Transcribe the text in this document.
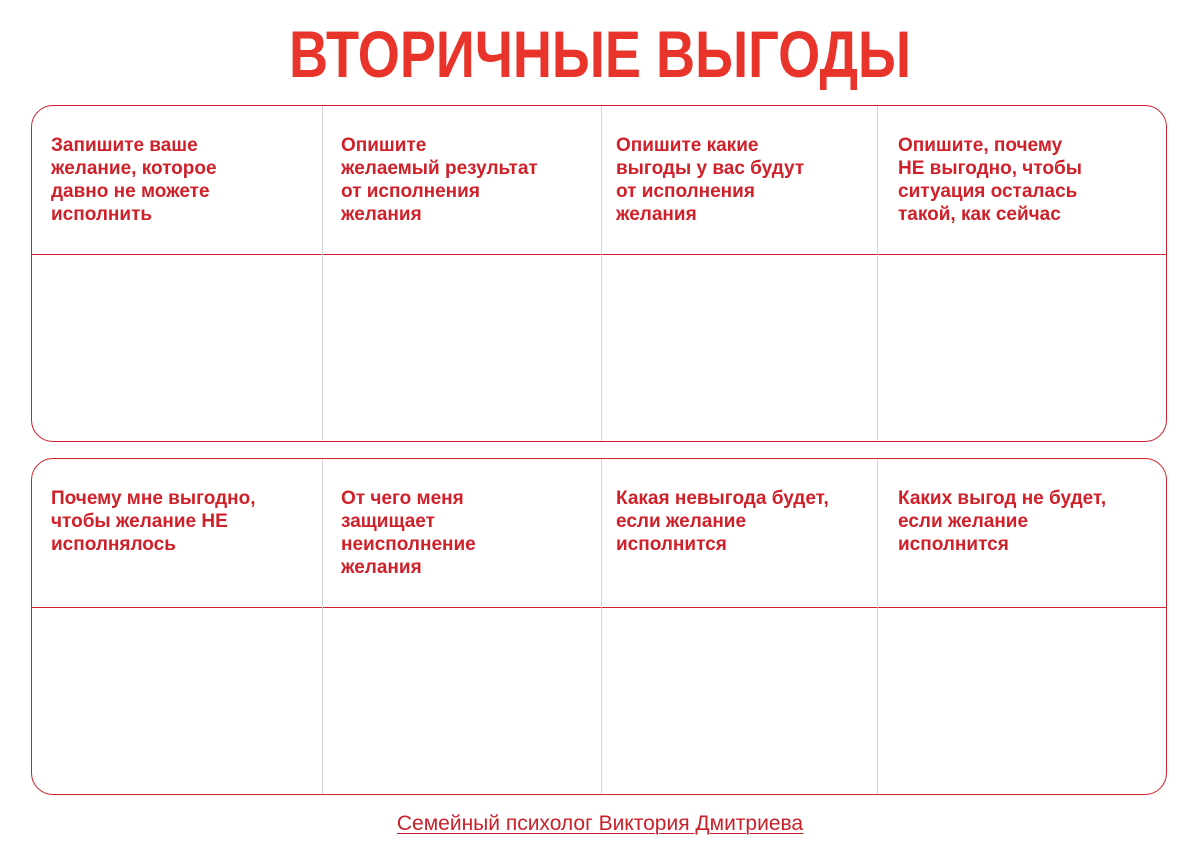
ВТОРИЧНЫЕ ВЫГОДЫ
Запишите ваше
желание, которое
давно не можете
исполнить
Опишите
желаемый результат
от исполнения
желания
Опишите какие
выгоды у вас будут
от исполнения
желания
Опишите, почему
НЕ выгодно, чтобы
ситуация осталась
такой, как сейчас
Почему мне выгодно,
чтобы желание НЕ
исполнялось
От чего меня
защищает
неисполнение
желания
Какая невыгода будет,
если желание
исполнится
Каких выгод не будет,
если желание
исполнится

Семейный психолог Виктория Дмитриева
